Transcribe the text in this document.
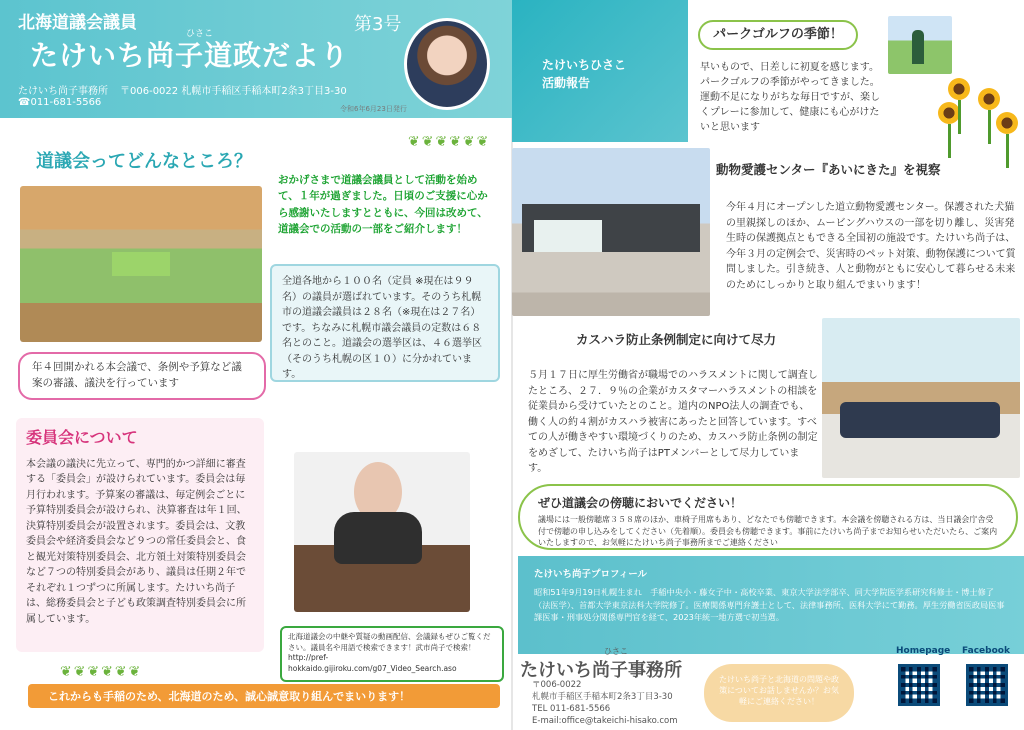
北海道議会議員
ひさこ
たけいち尚子道政だより
第3号
たけいち尚子事務所 〒006-0022 札幌市手稲区手稲本町2条3丁目3-30
☎011-681-5566
令和6年6月23日発行
❦❦❦❦❦❦
道議会ってどんなところ？
おかげさまで道議会議員として活動を始めて、１年が過ぎました。日頃のご支援に心から感謝いたしますとともに、今回は改めて、道議会での活動の一部をご紹介します！
全道各地から１００名（定員 ※現在は９９名）の議員が選ばれています。そのうち札幌市の道議会議員は２８名（※現在は２７名）です。ちなみに札幌市議会議員の定数は６８名とのこと。道議会の選挙区は、４６選挙区（そのうち札幌の区１０）に分かれています。
年４回開かれる本会議で、条例や予算など議案の審議、議決を行っています
委員会について
本会議の議決に先立って、専門的かつ詳細に審査する「委員会」が設けられています。委員会は毎月行われます。予算案の審議は、毎定例会ごとに予算特別委員会が設けられ、決算審査は年１回、決算特別委員会が設置されます。委員会は、文教委員会や経済委員会など９つの常任委員会と、食と観光対策特別委員会、北方領土対策特別委員会など７つの特別委員会があり、議員は任期２年でそれぞれ１つずつに所属します。たけいち尚子は、総務委員会と子ども政策調査特別委員会に所属しています。
北海道議会の中継や質疑の動画配信、会議録もぜひご覧ください。議員名や用語で検索できます！武市尚子で検索！ http://pref-hokkaido.gijiroku.com/g07_Video_Search.aso
❦❦❦❦❦❦
これからも手稲のため、北海道のため、誠心誠意取り組んでまいります！
たけいちひさこ
活動報告
パークゴルフの季節！
早いもので、日差しに初夏を感じます。パークゴルフの季節がやってきました。運動不足になりがちな毎日ですが、楽しくプレーに参加して、健康にも心がけたいと思います
動物愛護センター『あいにきた』を視察
今年４月にオープンした道立動物愛護センター。保護された犬猫の里親探しのほか、ムービングハウスの一部を切り離し、災害発生時の保護拠点ともできる全国初の施設です。たけいち尚子は、今年３月の定例会で、災害時のペット対策、動物保護について質問しました。引き続き、人と動物がともに安心して暮らせる未来のためにしっかりと取り組んでまいります！
カスハラ防止条例制定に向けて尽力
５月１７日に厚生労働省が職場でのハラスメントに関して調査したところ、２７．９％の企業がカスタマーハラスメントの相談を従業員から受けていたとのこと。道内のNPO法人の調査でも、働く人の約４割がカスハラ被害にあったと回答しています。すべての人が働きやすい環境づくりのため、カスハラ防止条例の制定をめざして、たけいち尚子はPTメンバーとして尽力しています。
ぜひ道議会の傍聴においでください！
議場には一般傍聴席３５８席のほか、車椅子用席もあり、どなたでも傍聴できます。本会議を傍聴される方は、当日議会庁舎受付で傍聴の申し込みをしてください（先着順）。委員会も傍聴できます。事前にたけいち尚子までお知らせいただいたら、ご案内いたしますので、お気軽にたけいち尚子事務所までご連絡ください
たけいち尚子プロフィール
昭和51年9月19日札幌生まれ　手稲中央小・藤女子中・高校卒業、東京大学法学部卒、同大学院医学系研究科修士・博士修了（法医学）、首都大学東京法科大学院修了。医療関係専門弁護士として、法律事務所、医科大学にて勤務。厚生労働省医政局医事課医事・刑事処分関係専門官を経て、2023年統一地方選で初当選。
ひさこ
たけいち尚子事務所
〒006-0022
札幌市手稲区手稲本町2条3丁目3-30
TEL 011-681-5566
E-mail:office@takeichi-hisako.com
たけいち尚子と北海道の問題や政策についてお話しませんか？お気軽にご連絡ください！
Homepage Facebook
